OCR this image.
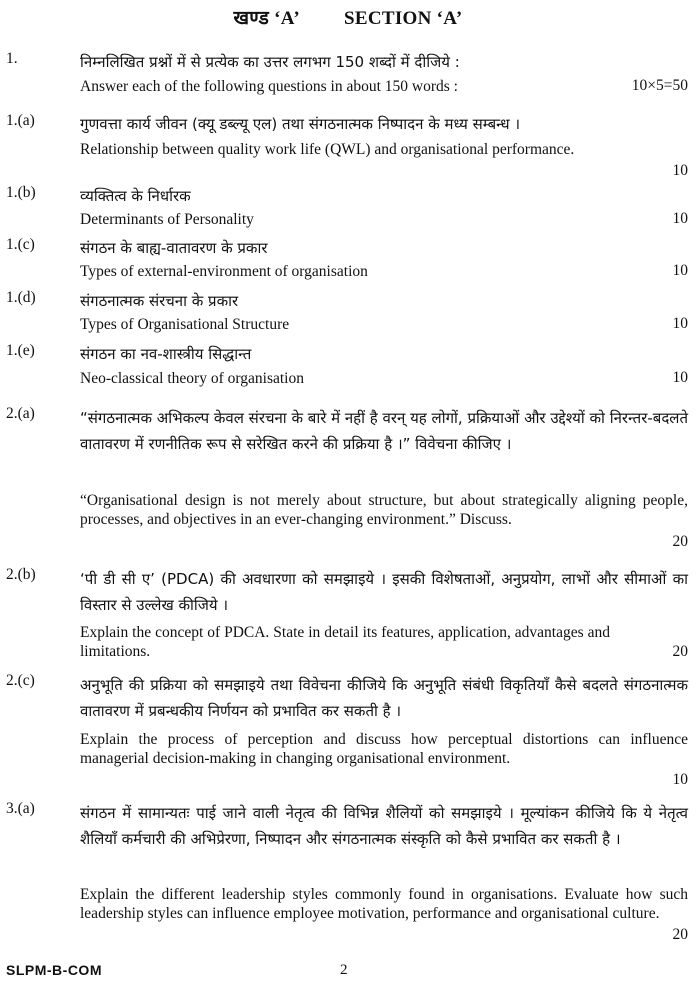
खण्ड ‘A’ SECTION ‘A’
1.	निम्नलिखित प्रश्नों में से प्रत्येक का उत्तर लगभग 150 शब्दों में दीजिये :
Answer each of the following questions in about 150 words :	10×5=50
1.(a)	गुणवत्ता कार्य जीवन (क्यू डब्ल्यू एल) तथा संगठनात्मक निष्पादन के मध्य सम्बन्ध ।
Relationship between quality work life (QWL) and organisational performance.
10
1.(b)	व्यक्तित्व के निर्धारक
Determinants of Personality	10
1.(c)	संगठन के बाह्य-वातावरण के प्रकार
Types of external-environment of organisation	10
1.(d)	संगठनात्मक संरचना के प्रकार
Types of Organisational Structure	10
1.(e)	संगठन का नव-शास्त्रीय सिद्धान्त
Neo-classical theory of organisation	10
2.(a)	“संगठनात्मक अभिकल्प केवल संरचना के बारे में नहीं है वरन् यह लोगों, प्रक्रियाओं और उद्देश्यों को निरन्तर-बदलते वातावरण में रणनीतिक रूप से सरेखित करने की प्रक्रिया है ।” विवेचना कीजिए ।
“Organisational design is not merely about structure, but about strategically aligning people, processes, and objectives in an ever-changing environment.” Discuss.
20
2.(b)	‘पी डी सी ए’ (PDCA) की अवधारणा को समझाइये । इसकी विशेषताओं, अनुप्रयोग, लाभों और सीमाओं का विस्तार से उल्लेख कीजिये ।
Explain the concept of PDCA. State in detail its features, application, advantages and limitations.	20
2.(c)	अनुभूति की प्रक्रिया को समझाइये तथा विवेचना कीजिये कि अनुभूति संबंधी विकृतियाँ कैसे बदलते संगठनात्मक वातावरण में प्रबन्धकीय निर्णयन को प्रभावित कर सकती है ।
Explain the process of perception and discuss how perceptual distortions can influence managerial decision-making in changing organisational environment.
10
3.(a)	संगठन में सामान्यतः पाई जाने वाली नेतृत्व की विभिन्न शैलियों को समझाइये । मूल्यांकन कीजिये कि ये नेतृत्व शैलियाँ कर्मचारी की अभिप्रेरणा, निष्पादन और संगठनात्मक संस्कृति को कैसे प्रभावित कर सकती है ।
Explain the different leadership styles commonly found in organisations. Evaluate how such leadership styles can influence employee motivation, performance and organisational culture.
20
SLPM-B-COM	2
